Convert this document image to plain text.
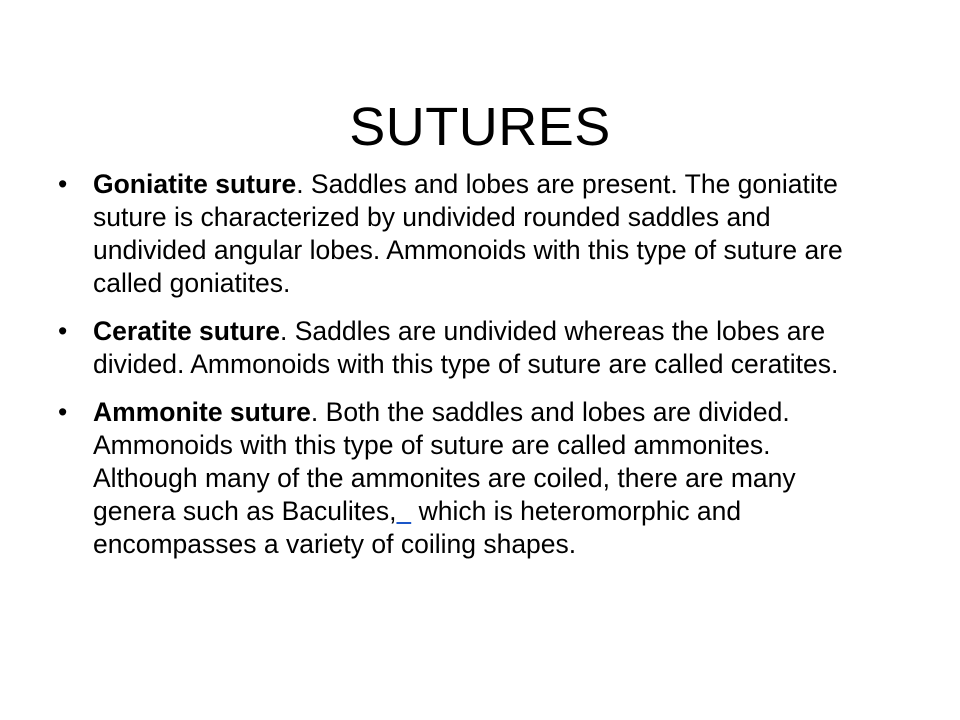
SUTURES
• Goniatite suture. Saddles and lobes are present. The goniatite suture is characterized by undivided rounded saddles and undivided angular lobes. Ammonoids with this type of suture are called goniatites.
• Ceratite suture. Saddles are undivided whereas the lobes are divided. Ammonoids with this type of suture are called ceratites.
• Ammonite suture. Both the saddles and lobes are divided. Ammonoids with this type of suture are called ammonites. Although many of the ammonites are coiled, there are many genera such as Baculites,   which is heteromorphic and encompasses a variety of coiling shapes.
